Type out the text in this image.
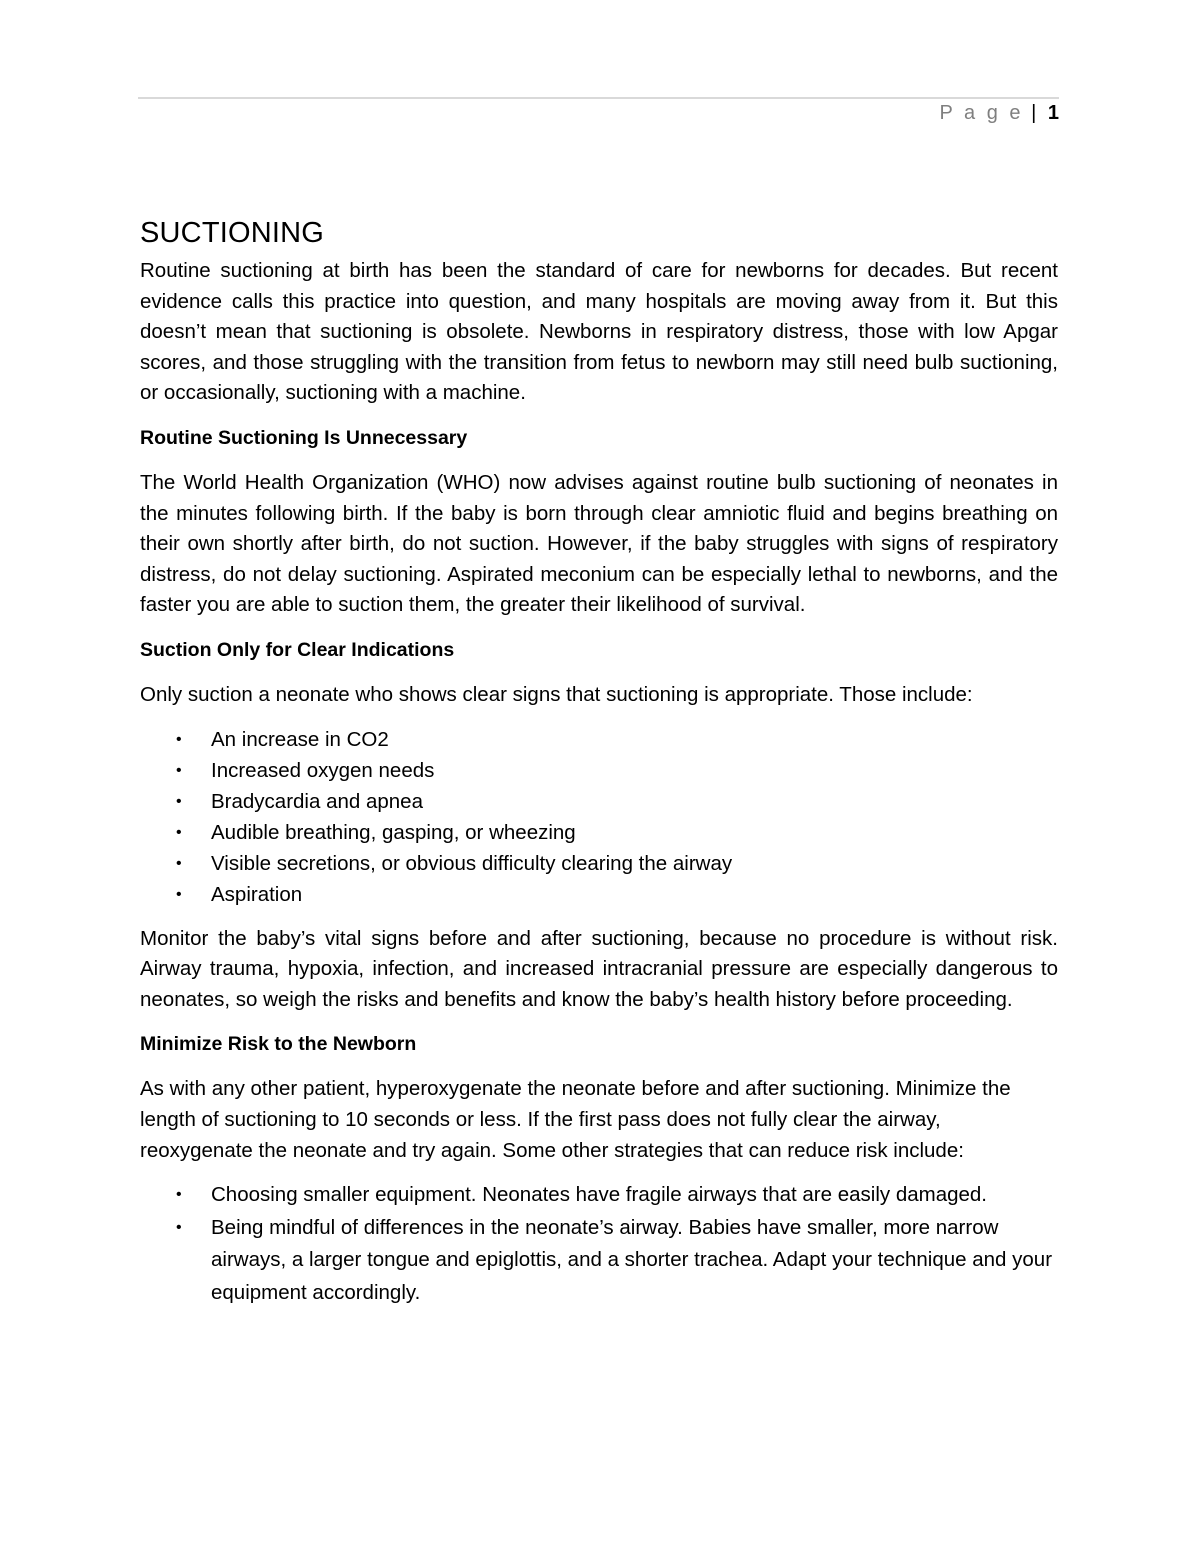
P a g e | 1
SUCTIONING

Routine suctioning at birth has been the standard of care for newborns for decades. But recent evidence calls this practice into question, and many hospitals are moving away from it. But this doesn’t mean that suctioning is obsolete. Newborns in respiratory distress, those with low Apgar scores, and those struggling with the transition from fetus to newborn may still need bulb suctioning, or occasionally, suctioning with a machine.

Routine Suctioning Is Unnecessary

The World Health Organization (WHO) now advises against routine bulb suctioning of neonates in the minutes following birth. If the baby is born through clear amniotic fluid and begins breathing on their own shortly after birth, do not suction. However, if the baby struggles with signs of respiratory distress, do not delay suctioning. Aspirated meconium can be especially lethal to newborns, and the faster you are able to suction them, the greater their likelihood of survival.

Suction Only for Clear Indications

Only suction a neonate who shows clear signs that suctioning is appropriate. Those include:

• An increase in CO2
• Increased oxygen needs
• Bradycardia and apnea
• Audible breathing, gasping, or wheezing
• Visible secretions, or obvious difficulty clearing the airway
• Aspiration

Monitor the baby’s vital signs before and after suctioning, because no procedure is without risk. Airway trauma, hypoxia, infection, and increased intracranial pressure are especially dangerous to neonates, so weigh the risks and benefits and know the baby’s health history before proceeding.

Minimize Risk to the Newborn

As with any other patient, hyperoxygenate the neonate before and after suctioning. Minimize the length of suctioning to 10 seconds or less. If the first pass does not fully clear the airway, reoxygenate the neonate and try again. Some other strategies that can reduce risk include:

• Choosing smaller equipment. Neonates have fragile airways that are easily damaged.
• Being mindful of differences in the neonate’s airway. Babies have smaller, more narrow airways, a larger tongue and epiglottis, and a shorter trachea. Adapt your technique and your equipment accordingly.
